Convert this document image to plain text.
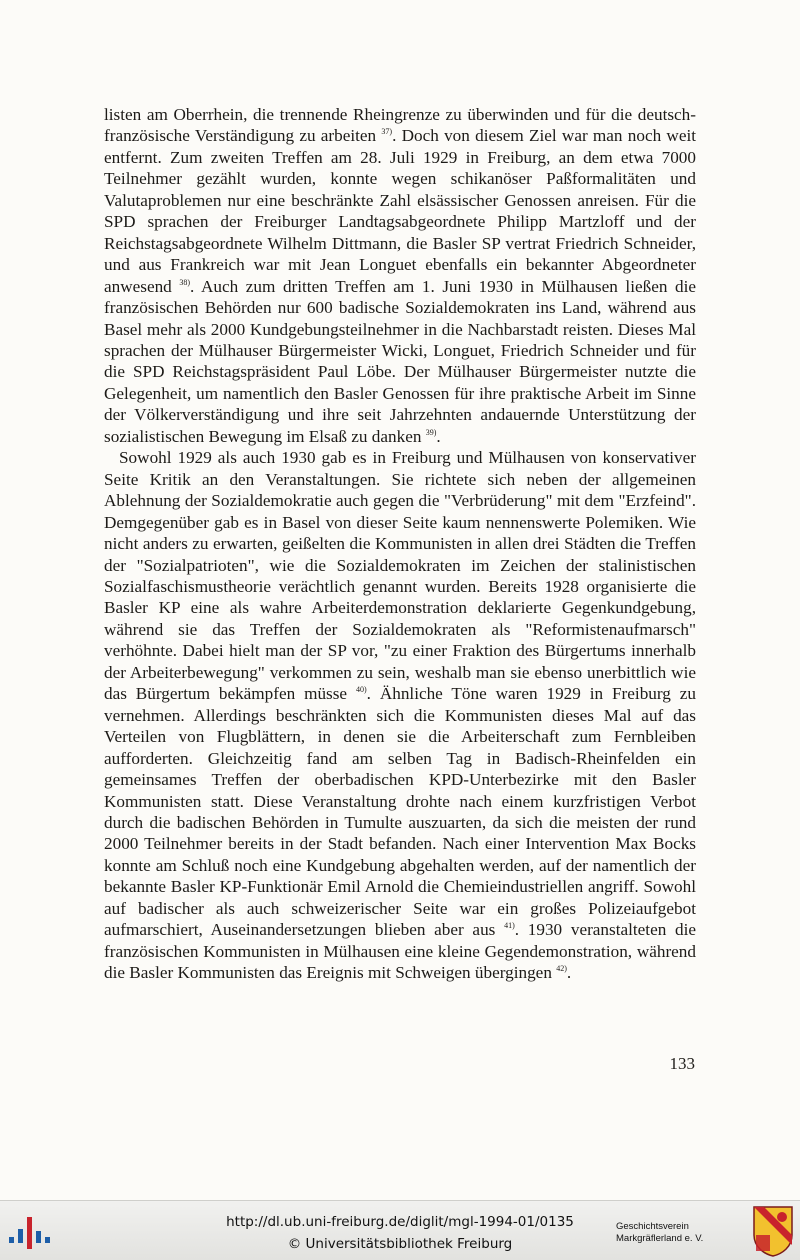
listen am Oberrhein, die trennende Rheingrenze zu überwinden und für die deutsch-französische Verständigung zu arbeiten $^{37)}$. Doch von diesem Ziel war man noch weit entfernt. Zum zweiten Treffen am 28. Juli 1929 in Freiburg, an dem etwa 7000 Teilnehmer gezählt wurden, konnte wegen schikanöser Paßformalitäten und Valutaproblemen nur eine beschränkte Zahl elsässischer Genossen anreisen. Für die SPD sprachen der Freiburger Landtagsabgeordnete Philipp Martzloff und der Reichstagsabgeordnete Wilhelm Dittmann, die Basler SP vertrat Friedrich Schneider, und aus Frankreich war mit Jean Longuet ebenfalls ein bekannter Abgeordneter anwesend $^{38)}$. Auch zum dritten Treffen am 1. Juni 1930 in Mülhausen ließen die französischen Behörden nur 600 badische Sozialdemokraten ins Land, während aus Basel mehr als 2000 Kundgebungsteilnehmer in die Nachbarstadt reisten. Dieses Mal sprachen der Mülhauser Bürgermeister Wicki, Longuet, Friedrich Schneider und für die SPD Reichstagspräsident Paul Löbe. Der Mülhauser Bürgermeister nutzte die Gelegenheit, um namentlich den Basler Genossen für ihre praktische Arbeit im Sinne der Völkerverständigung und ihre seit Jahrzehnten andauernde Unterstützung der sozialistischen Bewegung im Elsaß zu danken $^{39)}$.

Sowohl 1929 als auch 1930 gab es in Freiburg und Mülhausen von konservativer Seite Kritik an den Veranstaltungen. Sie richtete sich neben der allgemeinen Ablehnung der Sozialdemokratie auch gegen die "Verbrüderung" mit dem "Erzfeind". Demgegenüber gab es in Basel von dieser Seite kaum nennenswerte Polemiken. Wie nicht anders zu erwarten, geißelten die Kommunisten in allen drei Städten die Treffen der "Sozialpatrioten", wie die Sozialdemokraten im Zeichen der stalinistischen Sozialfaschismustheorie verächtlich genannt wurden. Bereits 1928 organisierte die Basler KP eine als wahre Arbeiterdemonstration deklarierte Gegenkundgebung, während sie das Treffen der Sozialdemokraten als "Reformistenaufmarsch" verhöhnte. Dabei hielt man der SP vor, "zu einer Fraktion des Bürgertums innerhalb der Arbeiterbewegung" verkommen zu sein, weshalb man sie ebenso unerbittlich wie das Bürgertum bekämpfen müsse $^{40)}$. Ähnliche Töne waren 1929 in Freiburg zu vernehmen. Allerdings beschränkten sich die Kommunisten dieses Mal auf das Verteilen von Flugblättern, in denen sie die Arbeiterschaft zum Fernbleiben aufforderten. Gleichzeitig fand am selben Tag in Badisch-Rheinfelden ein gemeinsames Treffen der oberbadischen KPD-Unterbezirke mit den Basler Kommunisten statt. Diese Veranstaltung drohte nach einem kurzfristigen Verbot durch die badischen Behörden in Tumulte auszuarten, da sich die meisten der rund 2000 Teilnehmer bereits in der Stadt befanden. Nach einer Intervention Max Bocks konnte am Schluß noch eine Kundgebung abgehalten werden, auf der namentlich der bekannte Basler KP-Funktionär Emil Arnold die Chemieindustriellen angriff. Sowohl auf badischer als auch schweizerischer Seite war ein großes Polizeiaufgebot aufmarschiert, Auseinandersetzungen blieben aber aus $^{41)}$. 1930 veranstalteten die französischen Kommunisten in Mülhausen eine kleine Gegendemonstration, während die Basler Kommunisten das Ereignis mit Schweigen übergingen $^{42)}$.

133
http://dl.ub.uni-freiburg.de/diglit/mgl-1994-01/0135
© Universitätsbibliothek Freiburg
Geschichtsverein
Markgräflerland e. V.
